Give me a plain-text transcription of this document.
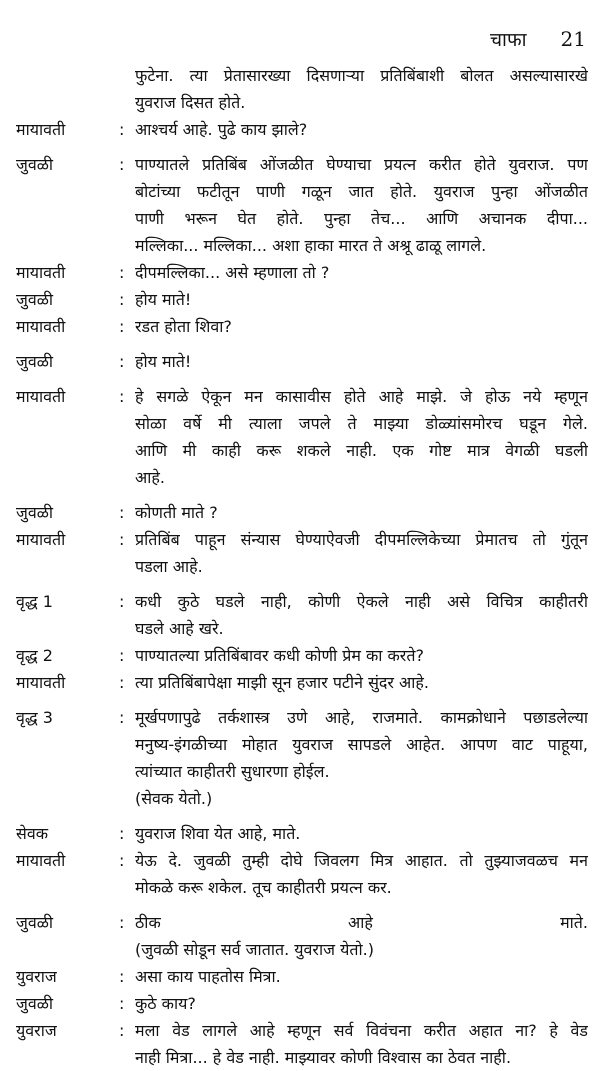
चाफा 21
फुटेना. त्या प्रेतासारख्या दिसणाऱ्या प्रतिबिंबाशी बोलत असल्यासारखे
युवराज दिसत होते.
मायावती	: आश्चर्य आहे. पुढे काय झाले?
जुवळी	: पाण्यातले प्रतिबिंब ओंजळीत घेण्याचा प्रयत्न करीत होते युवराज. पण
बोटांच्या फटीतून पाणी गळून जात होते. युवराज पुन्हा ओंजळीत
पाणी भरून घेत होते. पुन्हा तेच... आणि अचानक दीपा...
मल्लिका... मल्लिका... अशा हाका मारत ते अश्रू ढाळू लागले.
मायावती	: दीपमल्लिका... असे म्हणाला तो ?
जुवळी	: होय माते!
मायावती	: रडत होता शिवा?
जुवळी	: होय माते!
मायावती	: हे सगळे ऐकून मन कासावीस होते आहे माझे. जे होऊ नये म्हणून
सोळा वर्षे मी त्याला जपले ते माझ्या डोळ्यांसमोरच घडून गेले.
आणि मी काही करू शकले नाही. एक गोष्ट मात्र वेगळी घडली
आहे.
जुवळी	: कोणती माते ?
मायावती	: प्रतिबिंब पाहून संन्यास घेण्याऐवजी दीपमल्लिकेच्या प्रेमातच तो गुंतून
पडला आहे.
वृद्ध 1	: कधी कुठे घडले नाही, कोणी ऐकले नाही असे विचित्र काहीतरी
घडले आहे खरे.
वृद्ध 2	: पाण्यातल्या प्रतिबिंबावर कधी कोणी प्रेम का करते?
मायावती	: त्या प्रतिबिंबापेक्षा माझी सून हजार पटीने सुंदर आहे.
वृद्ध 3	: मूर्खपणापुढे तर्कशास्त्र उणे आहे, राजमाते. कामक्रोधाने पछाडलेल्या
मनुष्य-इंगळीच्या मोहात युवराज सापडले आहेत. आपण वाट पाहूया,
त्यांच्यात काहीतरी सुधारणा होईल.
(सेवक येतो.)
सेवक	: युवराज शिवा येत आहे, माते.
मायावती	: येऊ दे. जुवळी तुम्ही दोघे जिवलग मित्र आहात. तो तुझ्याजवळच मन
मोकळे करू शकेल. तूच काहीतरी प्रयत्न कर.
जुवळी	: ठीक आहे माते.
(जुवळी सोडून सर्व जातात. युवराज येतो.)
युवराज	: असा काय पाहतोस मित्रा.
जुवळी	: कुठे काय?
युवराज	: मला वेड लागले आहे म्हणून सर्व विवंचना करीत अहात ना? हे वेड
नाही मित्रा... हे वेड नाही. माझ्यावर कोणी विश्वास का ठेवत नाही.
